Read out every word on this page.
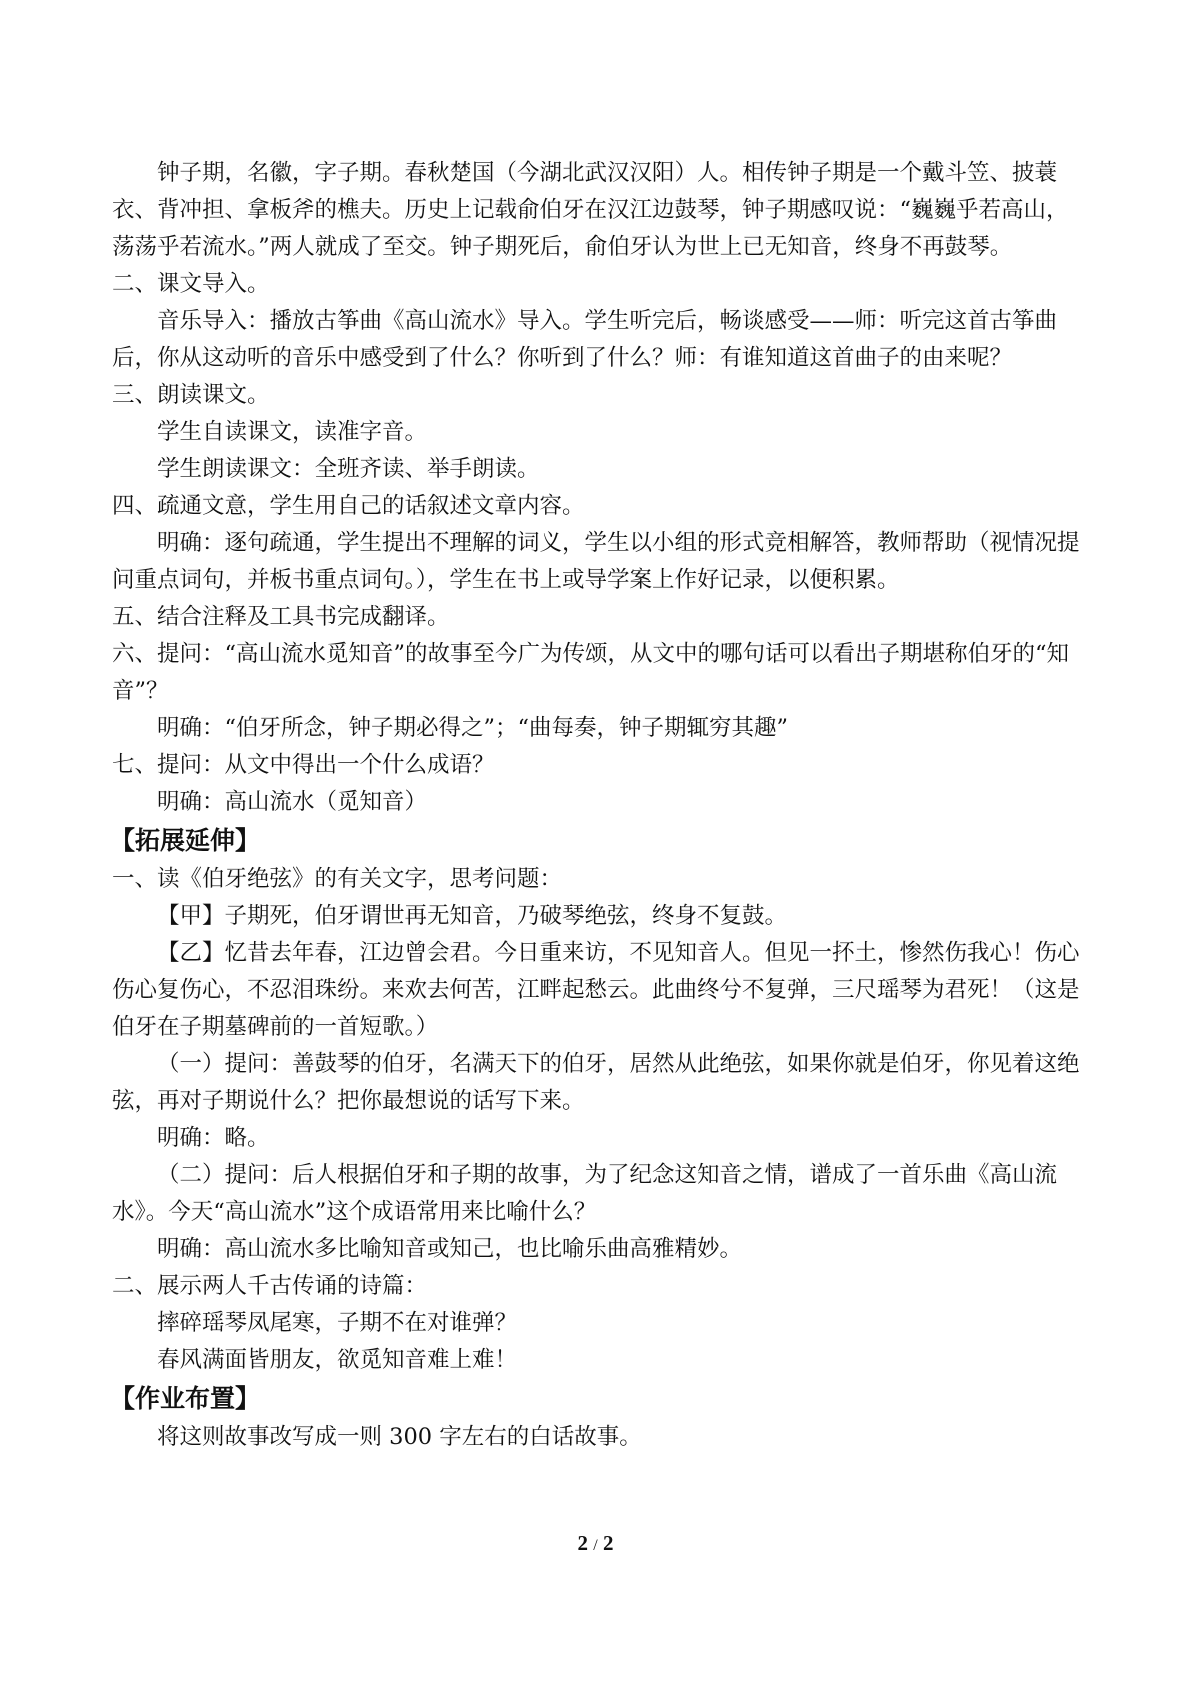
钟子期，名徽，字子期。春秋楚国（今湖北武汉汉阳）人。相传钟子期是一个戴斗笠、披蓑衣、背冲担、拿板斧的樵夫。历史上记载俞伯牙在汉江边鼓琴，钟子期感叹说：“巍巍乎若高山，荡荡乎若流水。”两人就成了至交。钟子期死后，俞伯牙认为世上已无知音，终身不再鼓琴。

二、课文导入。

音乐导入：播放古筝曲《高山流水》导入。学生听完后，畅谈感受——师：听完这首古筝曲后，你从这动听的音乐中感受到了什么？你听到了什么？师：有谁知道这首曲子的由来呢？

三、朗读课文。

学生自读课文，读准字音。

学生朗读课文：全班齐读、举手朗读。

四、疏通文意，学生用自己的话叙述文章内容。

明确：逐句疏通，学生提出不理解的词义，学生以小组的形式竞相解答，教师帮助（视情况提问重点词句，并板书重点词句。），学生在书上或导学案上作好记录，以便积累。

五、结合注释及工具书完成翻译。

六、提问：“高山流水觅知音”的故事至今广为传颂，从文中的哪句话可以看出子期堪称伯牙的“知音”？

明确：“伯牙所念，钟子期必得之”；“曲每奏，钟子期辄穷其趣”

七、提问：从文中得出一个什么成语？

明确：高山流水（觅知音）

【拓展延伸】

一、读《伯牙绝弦》的有关文字，思考问题：

【甲】子期死，伯牙谓世再无知音，乃破琴绝弦，终身不复鼓。

【乙】忆昔去年春，江边曾会君。今日重来访，不见知音人。但见一抔土，惨然伤我心！伤心伤心复伤心，不忍泪珠纷。来欢去何苦，江畔起愁云。此曲终兮不复弹，三尺瑶琴为君死！（这是伯牙在子期墓碑前的一首短歌。）

（一）提问：善鼓琴的伯牙，名满天下的伯牙，居然从此绝弦，如果你就是伯牙，你见着这绝弦，再对子期说什么？把你最想说的话写下来。

明确：略。

（二）提问：后人根据伯牙和子期的故事，为了纪念这知音之情，谱成了一首乐曲《高山流水》。今天“高山流水”这个成语常用来比喻什么？

明确：高山流水多比喻知音或知己，也比喻乐曲高雅精妙。

二、展示两人千古传诵的诗篇：

摔碎瑶琴凤尾寒，子期不在对谁弹？

春风满面皆朋友，欲觅知音难上难！

【作业布置】

将这则故事改写成一则 300 字左右的白话故事。

2 / 2
